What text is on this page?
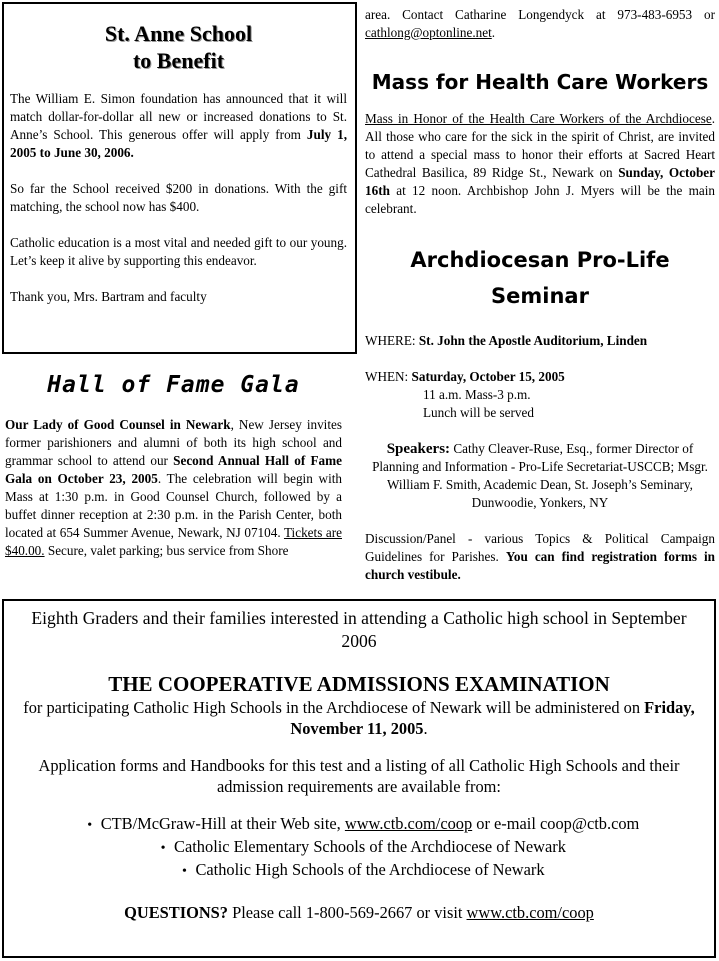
St. Anne School
to Benefit

The William E. Simon foundation has announced that it will match dollar-for-dollar all new or increased donations to St. Anne’s School. This generous offer will apply from July 1, 2005 to June 30, 2006.

So far the School received $200 in donations. With the gift matching, the school now has $400.

Catholic education is a most vital and needed gift to our young. Let’s keep it alive by supporting this endeavor.

Thank you, Mrs. Bartram and faculty

Hall of Fame Gala

Our Lady of Good Counsel in Newark, New Jersey invites former parishioners and alumni of both its high school and grammar school to attend our Second Annual Hall of Fame Gala on October 23, 2005. The celebration will begin with Mass at 1:30 p.m. in Good Counsel Church, followed by a buffet dinner reception at 2:30 p.m. in the Parish Center, both located at 654 Summer Avenue, Newark, NJ 07104. Tickets are $40.00. Secure, valet parking; bus service from Shore

area. Contact Catharine Longendyck at 973-483-6953 or cathlong@optonline.net.

Mass for Health Care Workers

Mass in Honor of the Health Care Workers of the Archdiocese. All those who care for the sick in the spirit of Christ, are invited to attend a special mass to honor their efforts at Sacred Heart Cathedral Basilica, 89 Ridge St., Newark on Sunday, October 16th at 12 noon. Archbishop John J. Myers will be the main celebrant.

Archdiocesan Pro-Life
Seminar

WHERE: St. John the Apostle Auditorium, Linden

WHEN: Saturday, October 15, 2005

11 a.m. Mass-3 p.m.

Lunch will be served

Speakers: Cathy Cleaver-Ruse, Esq., former Director of Planning and Information - Pro-Life Secretariat-USCCB; Msgr. William F. Smith, Academic Dean, St. Joseph’s Seminary, Dunwoodie, Yonkers, NY

Discussion/Panel - various Topics & Political Campaign Guidelines for Parishes. You can find registration forms in church vestibule.

Eighth Graders and their families interested in attending a Catholic high school in September 2006

THE COOPERATIVE ADMISSIONS EXAMINATION

for participating Catholic High Schools in the Archdiocese of Newark will be administered on Friday, November 11, 2005.

Application forms and Handbooks for this test and a listing of all Catholic High Schools and their admission requirements are available from:

• CTB/McGraw-Hill at their Web site, www.ctb.com/coop or e-mail coop@ctb.com
• Catholic Elementary Schools of the Archdiocese of Newark
• Catholic High Schools of the Archdiocese of Newark

QUESTIONS? Please call 1-800-569-2667 or visit www.ctb.com/coop
